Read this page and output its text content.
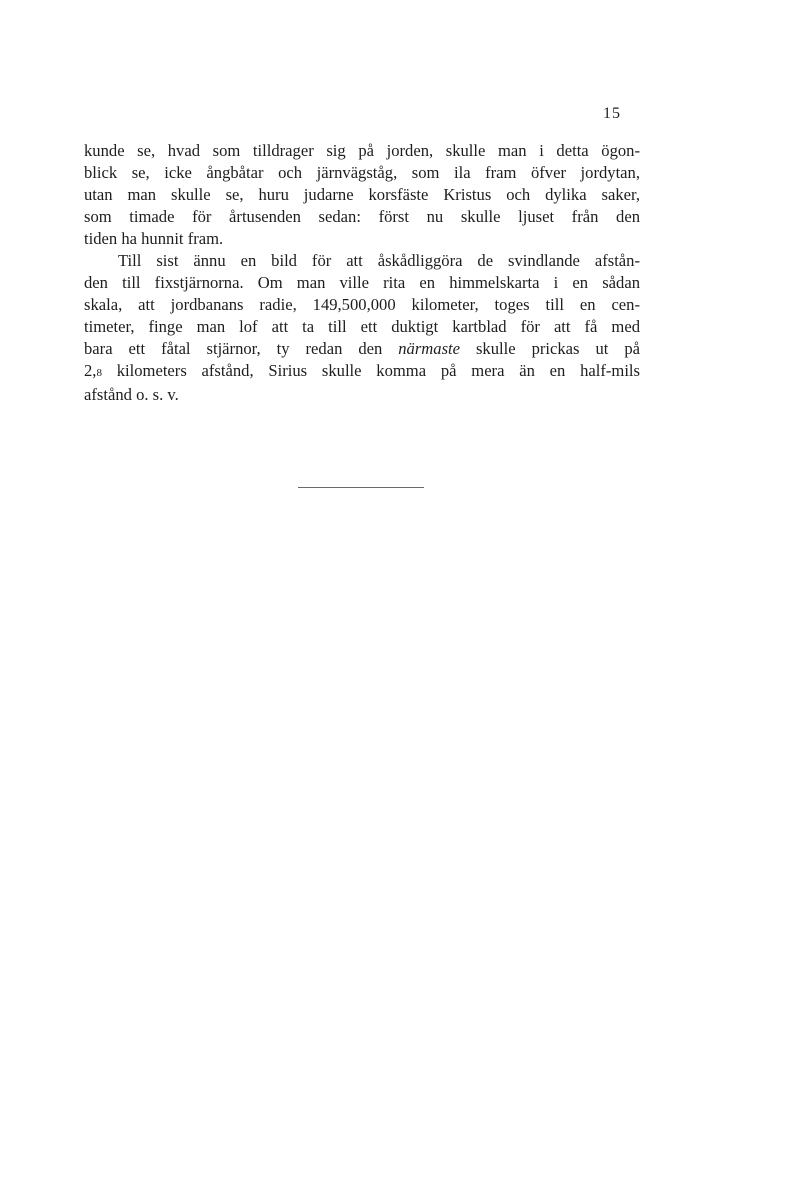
15
kunde se, hvad som tilldrager sig på jorden, skulle man i detta ögon-
blick se, icke ångbåtar och järnvägståg, som ila fram öfver jordytan,
utan man skulle se, huru judarne korsfäste Kristus och dylika saker,
som timade för årtusenden sedan: först nu skulle ljuset från den
tiden ha hunnit fram.
Till sist ännu en bild för att åskådliggöra de svindlande afstån-
den till fixstjärnorna. Om man ville rita en himmelskarta i en sådan
skala, att jordbanans radie, 149,500,000 kilometer, toges till en cen-
timeter, finge man lof att ta till ett duktigt kartblad för att få med
bara ett fåtal stjärnor, ty redan den närmaste skulle prickas ut på
2,8 kilometers afstånd, Sirius skulle komma på mera än en half-mils
afstånd o. s. v.
